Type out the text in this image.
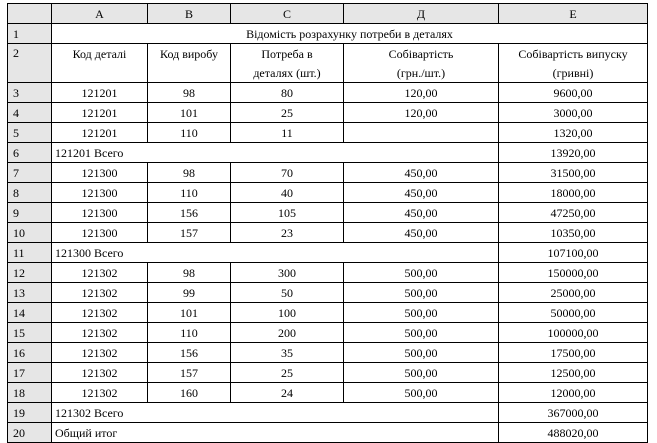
	A	B	C	Д	E
1	Відомість розрахунку потреби в деталях				
2	Код деталі	Код виробу	Потреба в	Собівартість	Собівартість випуску
			деталях (шт.)	(грн./шт.)	(гривні)
3	121201	98	80	120,00	9600,00
4	121201	101	25	120,00	3000,00
5	121201	110	11		1320,00
6	121201 Всего				13920,00
7	121300	98	70	450,00	31500,00
8	121300	110	40	450,00	18000,00
9	121300	156	105	450,00	47250,00
10	121300	157	23	450,00	10350,00
11	121300 Всего				107100,00
12	121302	98	300	500,00	150000,00
13	121302	99	50	500,00	25000,00
14	121302	101	100	500,00	50000,00
15	121302	110	200	500,00	100000,00
16	121302	156	35	500,00	17500,00
17	121302	157	25	500,00	12500,00
18	121302	160	24	500,00	12000,00
19	121302 Всего				367000,00
20	Общий итог				488020,00
